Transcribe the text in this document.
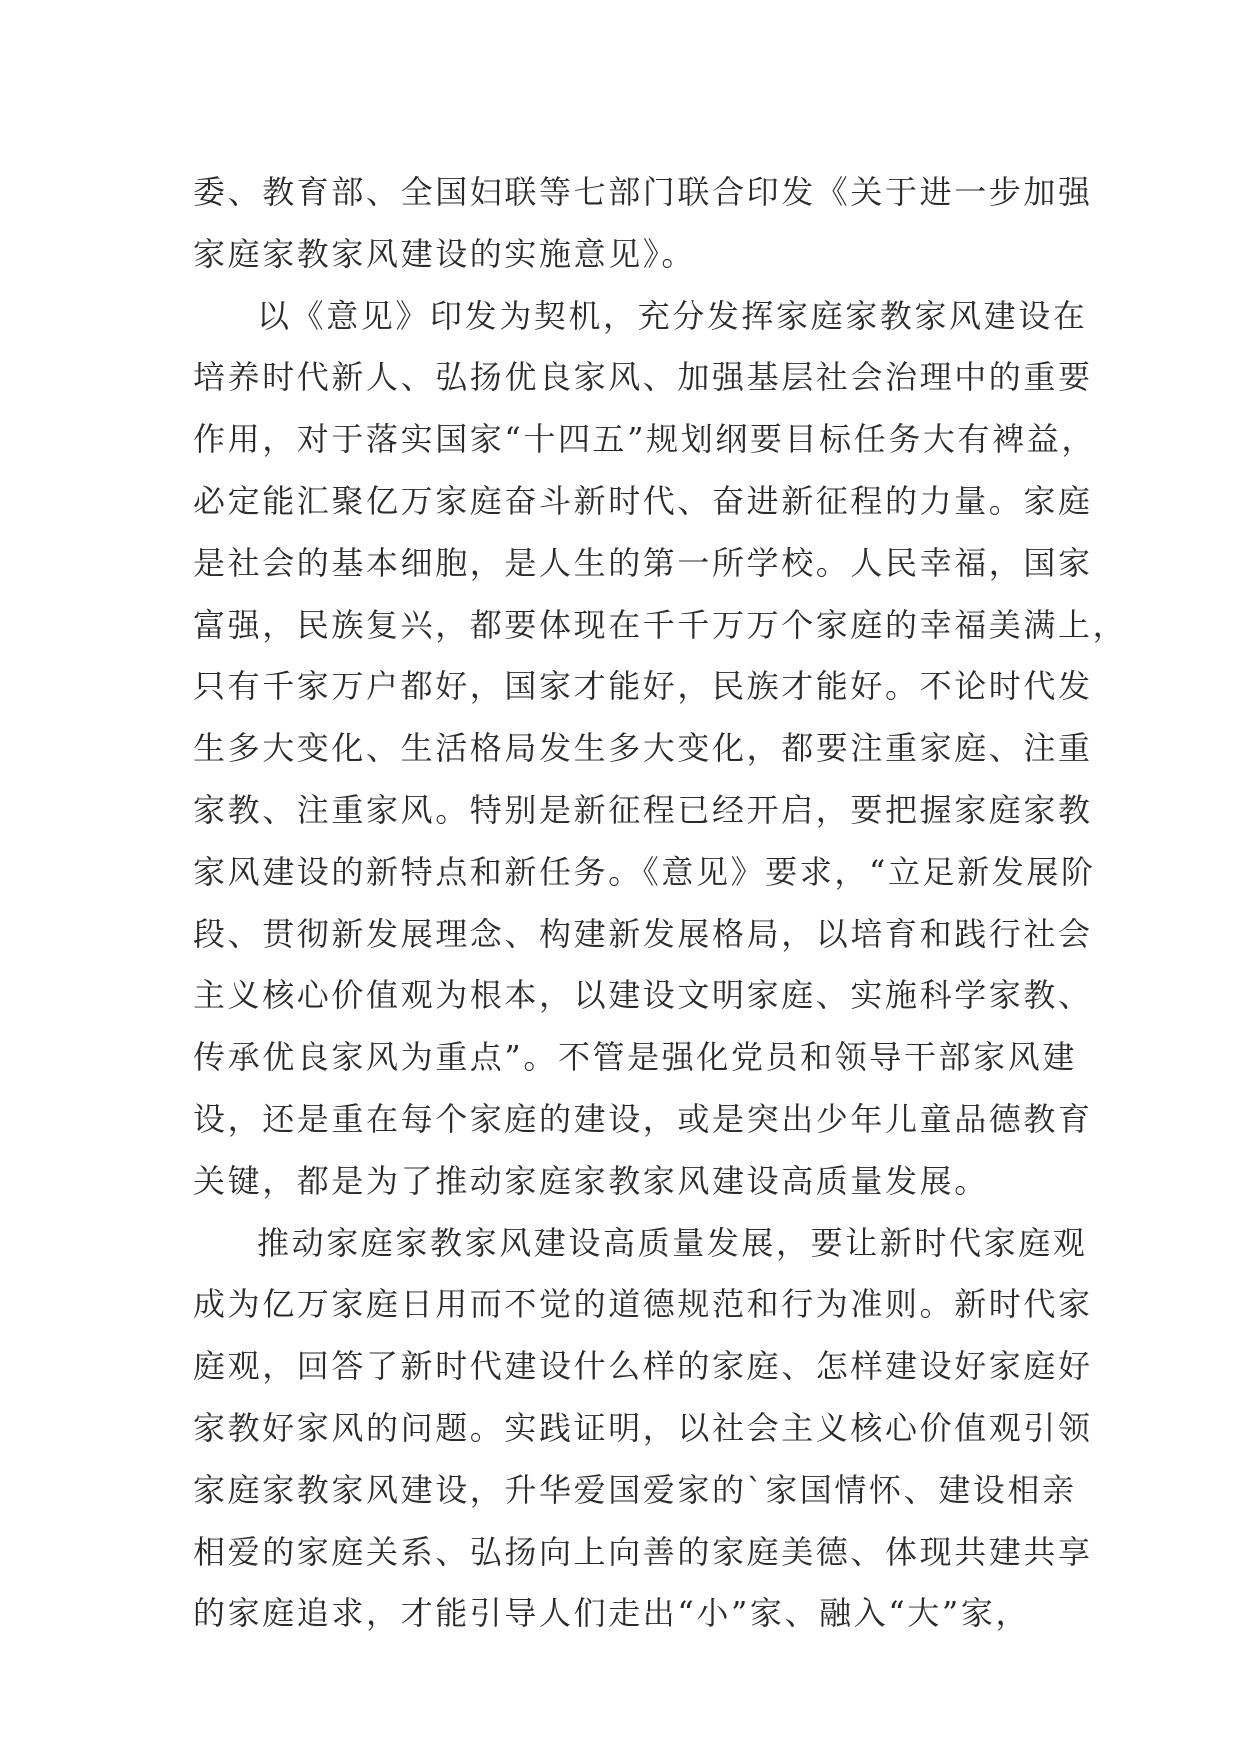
委、教育部、全国妇联等七部门联合印发《关于进一步加强
家庭家教家风建设的实施意见》。
以《意见》印发为契机，充分发挥家庭家教家风建设在
培养时代新人、弘扬优良家风、加强基层社会治理中的重要
作用，对于落实国家“十四五”规划纲要目标任务大有裨益，
必定能汇聚亿万家庭奋斗新时代、奋进新征程的力量。家庭
是社会的基本细胞，是人生的第一所学校。人民幸福，国家
富强，民族复兴，都要体现在千千万万个家庭的幸福美满上，
只有千家万户都好，国家才能好，民族才能好。不论时代发
生多大变化、生活格局发生多大变化，都要注重家庭、注重
家教、注重家风。特别是新征程已经开启，要把握家庭家教
家风建设的新特点和新任务。《意见》要求，“立足新发展阶
段、贯彻新发展理念、构建新发展格局，以培育和践行社会
主义核心价值观为根本，以建设文明家庭、实施科学家教、
传承优良家风为重点”。不管是强化党员和领导干部家风建
设，还是重在每个家庭的建设，或是突出少年儿童品德教育
关键，都是为了推动家庭家教家风建设高质量发展。
推动家庭家教家风建设高质量发展，要让新时代家庭观
成为亿万家庭日用而不觉的道德规范和行为准则。新时代家
庭观，回答了新时代建设什么样的家庭、怎样建设好家庭好
家教好家风的问题。实践证明，以社会主义核心价值观引领
家庭家教家风建设，升华爱国爱家的`家国情怀、建设相亲
相爱的家庭关系、弘扬向上向善的家庭美德、体现共建共享
的家庭追求，才能引导人们走出“小”家、融入“大”家，
